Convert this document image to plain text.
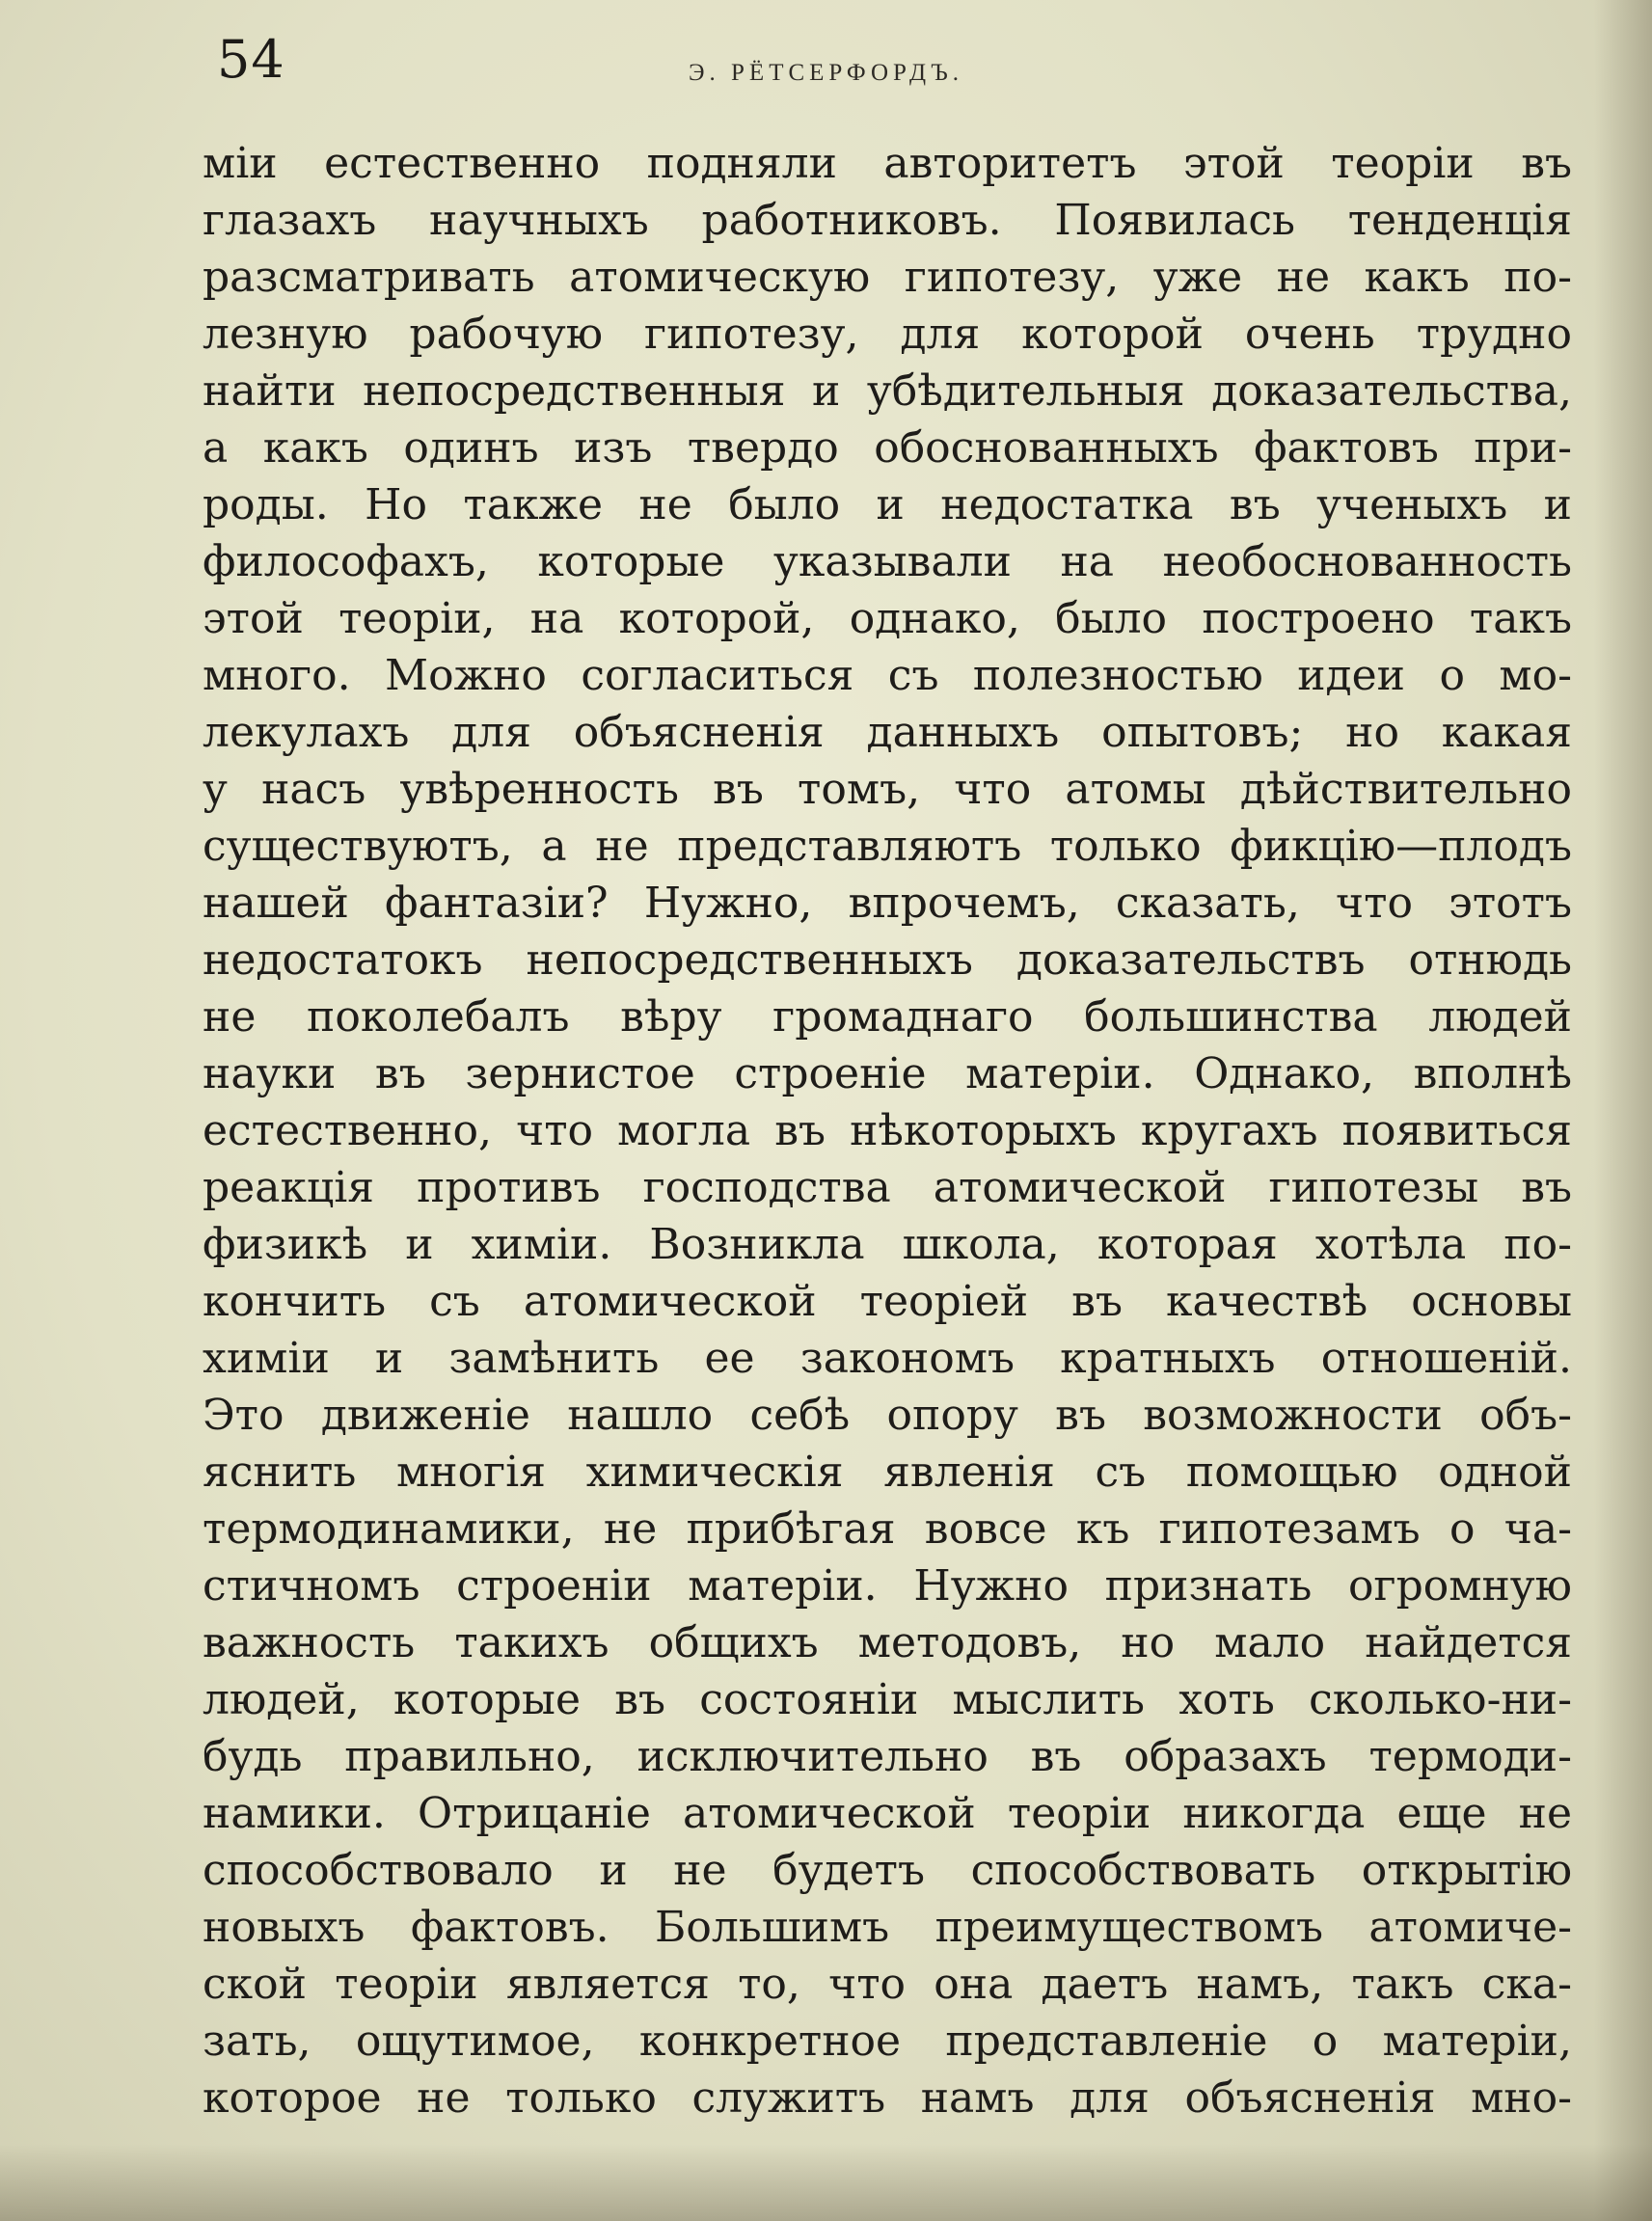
54	Э. РЁТСЕРФОРДЪ.
міи естественно подняли авторитетъ этой теоріи въ
глазахъ научныхъ работниковъ. Появилась тенденція
разсматривать атомическую гипотезу, уже не какъ по-
лезную рабочую гипотезу, для которой очень трудно
найти непосредственныя и убѣдительныя доказательства,
а какъ одинъ изъ твердо обоснованныхъ фактовъ при-
роды. Но также не было и недостатка въ ученыхъ и
философахъ, которые указывали на необоснованность
этой теоріи, на которой, однако, было построено такъ
много. Можно согласиться съ полезностью идеи о мо-
лекулахъ для объясненія данныхъ опытовъ; но какая
у насъ увѣренность въ томъ, что атомы дѣйствительно
существуютъ, а не представляютъ только фикцію—плодъ
нашей фантазіи? Нужно, впрочемъ, сказать, что этотъ
недостатокъ непосредственныхъ доказательствъ отнюдь
не поколебалъ вѣру громаднаго большинства людей
науки въ зернистое строеніе матеріи. Однако, вполнѣ
естественно, что могла въ нѣкоторыхъ кругахъ появиться
реакція противъ господства атомической гипотезы въ
физикѣ и химіи. Возникла школа, которая хотѣла по-
кончить съ атомической теоріей въ качествѣ основы
химіи и замѣнить ее закономъ кратныхъ отношеній.
Это движеніе нашло себѣ опору въ возможности объ-
яснить многія химическія явленія съ помощью одной
термодинамики, не прибѣгая вовсе къ гипотезамъ о ча-
стичномъ строеніи матеріи. Нужно признать огромную
важность такихъ общихъ методовъ, но мало найдется
людей, которые въ состояніи мыслить хоть сколько-ни-
будь правильно, исключительно въ образахъ термоди-
намики. Отрицаніе атомической теоріи никогда еще не
способствовало и не будетъ способствовать открытію
новыхъ фактовъ. Большимъ преимуществомъ атомиче-
ской теоріи является то, что она даетъ намъ, такъ ска-
зать, ощутимое, конкретное представленіе о матеріи,
которое не только служитъ намъ для объясненія мно-
